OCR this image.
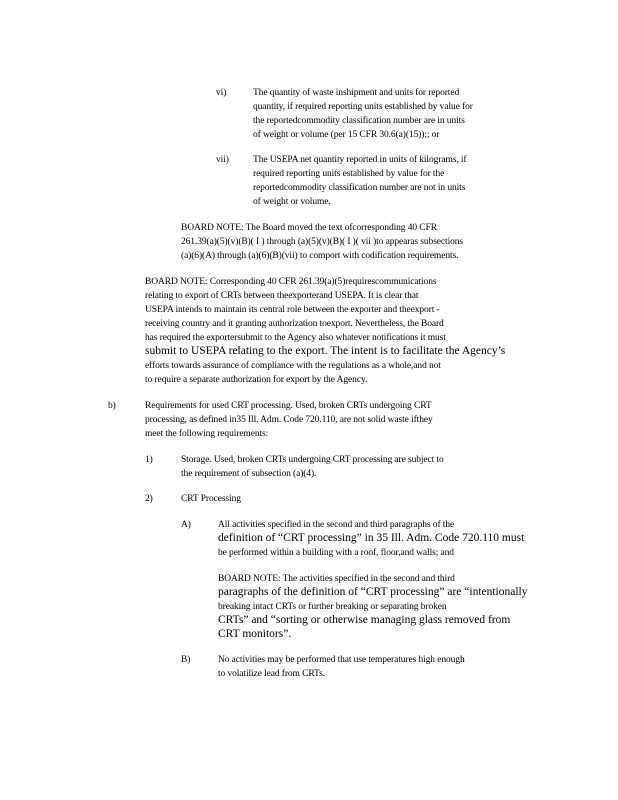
vi)	The quantity of waste inshipment and units for reported
quantity, if required reporting units established by value for
the reportedcommodity classification number are in units
of weight or volume (per 15 CFR 30.6(a)(15));; or
vii)	The USEPA net quantity reported in units of kilograms, if
required reporting units established by value for the
reportedcommodity classification number are not in units
of weight or volume.
BOARD NOTE: The Board moved the text ofcorresponding 40 CFR
261.39(a)(5)(v)(B)( I ) through (a)(5)(v)(B)( I )( vii )to appearas subsections
(a)(6)(A) through (a)(6)(B)(vii) to comport with codification requirements.
BOARD NOTE: Corresponding 40 CFR 261.39(a)(5)requirescommunications
relating to export of CRTs between theexporterand USEPA. It is clear that
USEPA intends to maintain its central role between the exporter and theexport -
receiving country and it granting authorization toexport. Nevertheless, the Board
has required the exportersubmit to the Agency also whatever notifications it must
submit to USEPA relating to the export. The intent is to facilitate the Agency’s
efforts towards assurance of compliance with the regulations as a whole,and not
to require a separate authorization for export by the Agency.
b)	Requirements for used CRT processing. Used, broken CRTs undergoing CRT
processing, as defined in35 Ill. Adm. Code 720.110, are not solid waste ifthey
meet the following requirements:
1)	Storage. Used, broken CRTs undergoing CRT processing are subject to
the requirement of subsection (a)(4).
2)	CRT Processing
A)	All activities specified in the second and third paragraphs of the
definition of “CRT processing” in 35 Ill. Adm. Code 720.110 must
be performed within a building with a roof, floor,and walls; and
BOARD NOTE: The activities specified in the second and third
paragraphs of the definition of “CRT processing” are “intentionally
breaking intact CRTs or further breaking or separating broken
CRTs” and “sorting or otherwise managing glass removed from
CRT monitors”.
B)	No activities may be performed that use temperatures high enough
to volatilize lead from CRTs.
